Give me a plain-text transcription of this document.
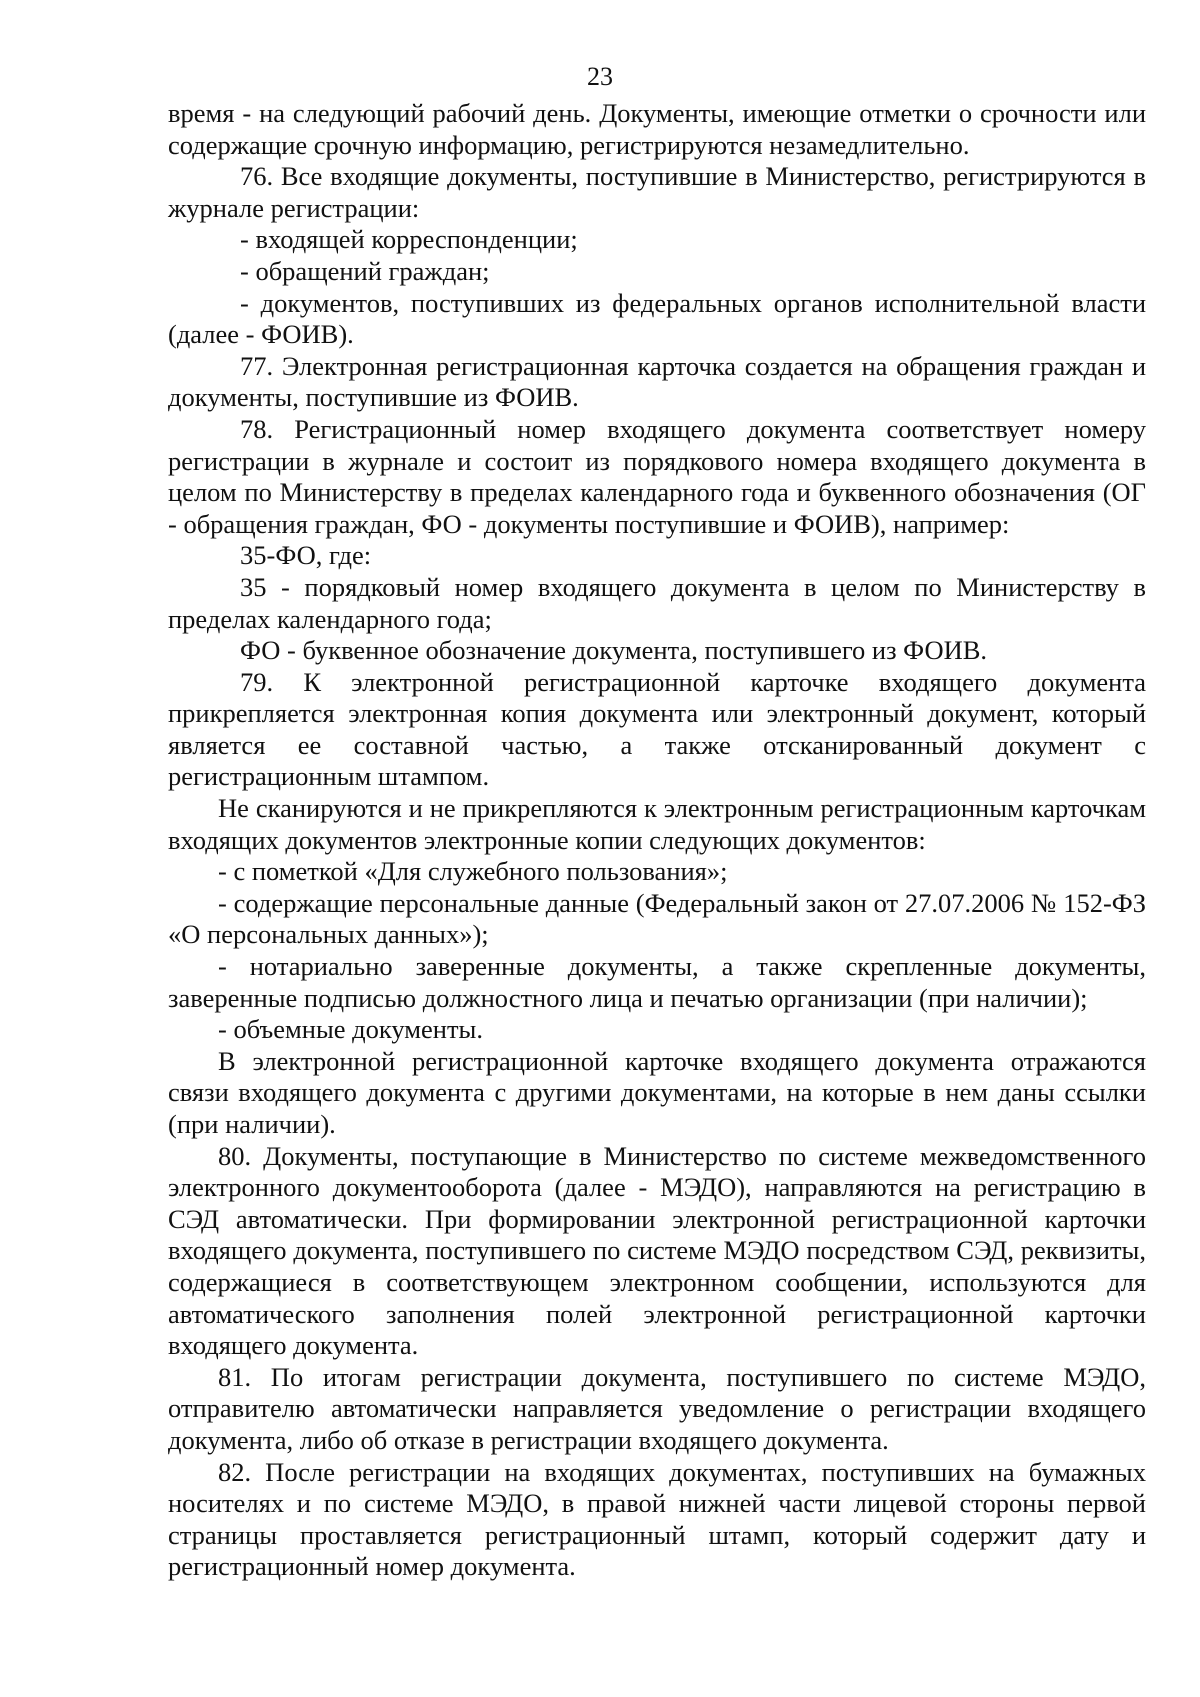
23

время - на следующий рабочий день. Документы, имеющие отметки о срочности или содержащие срочную информацию, регистрируются незамедлительно.

76. Все входящие документы, поступившие в Министерство, регистрируются в журнале регистрации:

- входящей корреспонденции;

- обращений граждан;

- документов, поступивших из федеральных органов исполнительной власти (далее - ФОИВ).

77. Электронная регистрационная карточка создается на обращения граждан и документы, поступившие из ФОИВ.

78. Регистрационный номер входящего документа соответствует номеру регистрации в журнале и состоит из порядкового номера входящего документа в целом по Министерству в пределах календарного года и буквенного обозначения (ОГ - обращения граждан, ФО - документы поступившие и ФОИВ), например:

35-ФО, где:

35 - порядковый номер входящего документа в целом по Министерству в пределах календарного года;

ФО - буквенное обозначение документа, поступившего из ФОИВ.

79. К электронной регистрационной карточке входящего документа прикрепляется электронная копия документа или электронный документ, который является ее составной частью, а также отсканированный документ с регистрационным штампом.

Не сканируются и не прикрепляются к электронным регистрационным карточкам входящих документов электронные копии следующих документов:

- с пометкой «Для служебного пользования»;

- содержащие персональные данные (Федеральный закон от 27.07.2006 № 152-ФЗ «О персональных данных»);

- нотариально заверенные документы, а также скрепленные документы, заверенные подписью должностного лица и печатью организации (при наличии);

- объемные документы.

В электронной регистрационной карточке входящего документа отражаются связи входящего документа с другими документами, на которые в нем даны ссылки (при наличии).

80. Документы, поступающие в Министерство по системе межведомственного электронного документооборота (далее - МЭДО), направляются на регистрацию в СЭД автоматически. При формировании электронной регистрационной карточки входящего документа, поступившего по системе МЭДО посредством СЭД, реквизиты, содержащиеся в соответствующем электронном сообщении, используются для автоматического заполнения полей электронной регистрационной карточки входящего документа.

81. По итогам регистрации документа, поступившего по системе МЭДО, отправителю автоматически направляется уведомление о регистрации входящего документа, либо об отказе в регистрации входящего документа.

82. После регистрации на входящих документах, поступивших на бумажных носителях и по системе МЭДО, в правой нижней части лицевой стороны первой страницы проставляется регистрационный штамп, который содержит дату и регистрационный номер документа.
